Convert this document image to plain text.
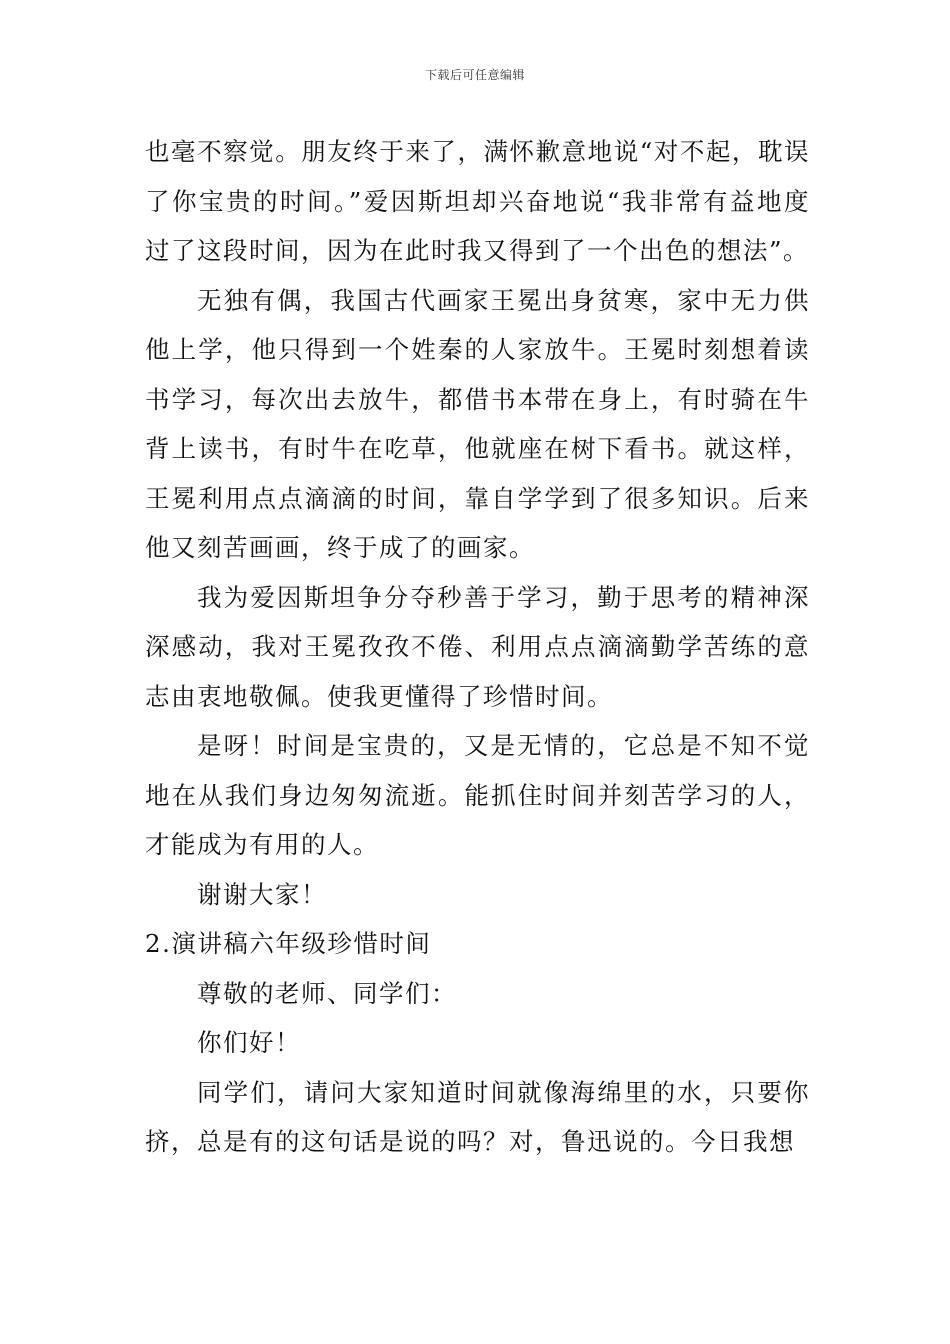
下载后可任意编辑

也毫不察觉。朋友终于来了，满怀歉意地说“对不起，耽误了你宝贵的时间。”爱因斯坦却兴奋地说“我非常有益地度过了这段时间，因为在此时我又得到了一个出色的想法”。

无独有偶，我国古代画家王冕出身贫寒，家中无力供他上学，他只得到一个姓秦的人家放牛。王冕时刻想着读书学习，每次出去放牛，都借书本带在身上，有时骑在牛背上读书，有时牛在吃草，他就座在树下看书。就这样，王冕利用点点滴滴的时间，靠自学学到了很多知识。后来他又刻苦画画，终于成了的画家。

我为爱因斯坦争分夺秒善于学习，勤于思考的精神深深感动，我对王冕孜孜不倦、利用点点滴滴勤学苦练的意志由衷地敬佩。使我更懂得了珍惜时间。

是呀！时间是宝贵的，又是无情的，它总是不知不觉地在从我们身边匆匆流逝。能抓住时间并刻苦学习的人，才能成为有用的人。

谢谢大家！

2.演讲稿六年级珍惜时间

尊敬的老师、同学们：

你们好！

同学们，请问大家知道时间就像海绵里的水，只要你挤，总是有的这句话是说的吗？对，鲁迅说的。今日我想
